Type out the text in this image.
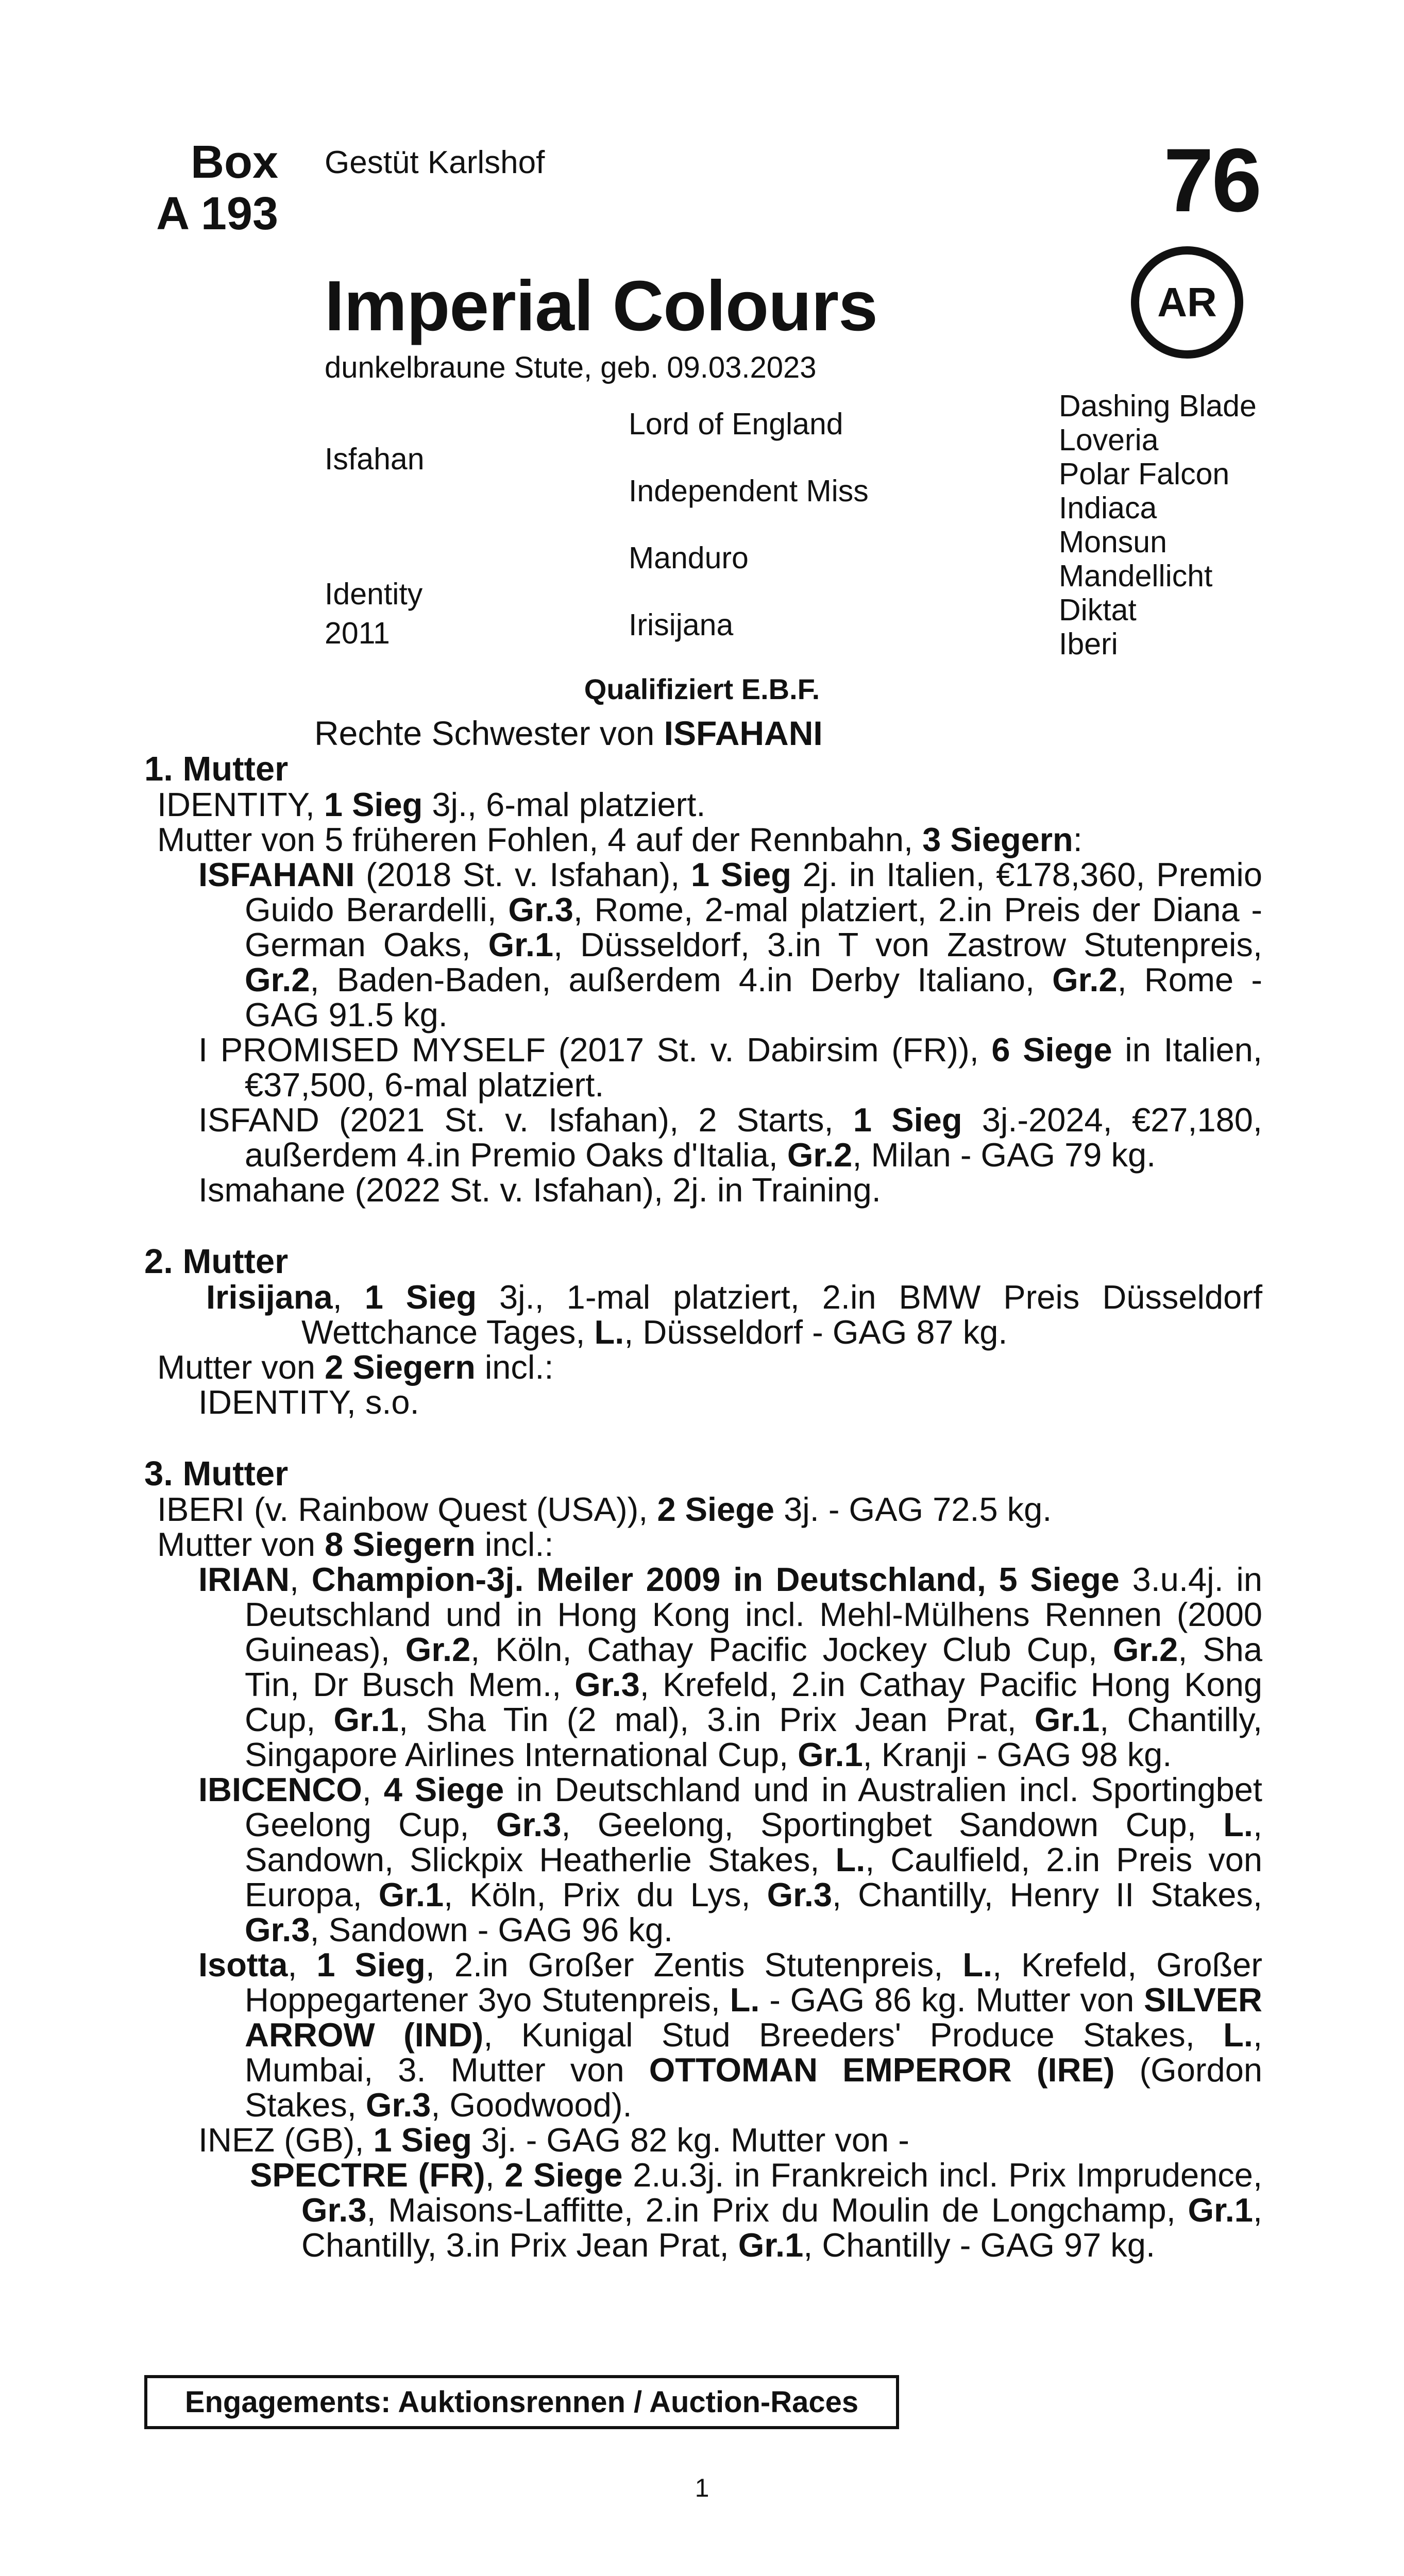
Box
A 193
Gestüt Karlshof	76
AR
Imperial Colours
dunkelbraune Stute, geb. 09.03.2023
Isfahan
Identity
2011
Lord of England
Independent Miss
Manduro
Irisijana
Dashing Blade
Loveria
Polar Falcon
Indiaca
Monsun
Mandellicht
Diktat
Iberi
Qualifiziert E.B.F.
Rechte Schwester von ISFAHANI
1. Mutter

IDENTITY, 1 Sieg 3j., 6-mal platziert.

Mutter von 5 früheren Fohlen, 4 auf der Rennbahn, 3 Siegern:

ISFAHANI (2018 St. v. Isfahan), 1 Sieg 2j. in Italien, €178,360, Premio Guido Berardelli, Gr.3, Rome, 2-mal platziert, 2.in Preis der Diana - German Oaks, Gr.1, Düsseldorf, 3.in T von Zastrow Stutenpreis, Gr.2, Baden-Baden, außerdem 4.in Derby Italiano, Gr.2, Rome - GAG 91.5 kg.

I PROMISED MYSELF (2017 St. v. Dabirsim (FR)), 6 Siege in Italien, €37,500, 6-mal platziert.

ISFAND (2021 St. v. Isfahan), 2 Starts, 1 Sieg 3j.-2024, €27,180, außerdem 4.in Premio Oaks d'Italia, Gr.2, Milan - GAG 79 kg.

Ismahane (2022 St. v. Isfahan), 2j. in Training.

2. Mutter

Irisijana, 1 Sieg 3j., 1-mal platziert, 2.in BMW Preis Düsseldorf Wettchance Tages, L., Düsseldorf - GAG 87 kg.

Mutter von 2 Siegern incl.:

IDENTITY, s.o.

3. Mutter

IBERI (v. Rainbow Quest (USA)), 2 Siege 3j. - GAG 72.5 kg.

Mutter von 8 Siegern incl.:

IRIAN, Champion-3j. Meiler 2009 in Deutschland, 5 Siege 3.u.4j. in Deutschland und in Hong Kong incl. Mehl-Mülhens Rennen (2000 Guineas), Gr.2, Köln, Cathay Pacific Jockey Club Cup, Gr.2, Sha Tin, Dr Busch Mem., Gr.3, Krefeld, 2.in Cathay Pacific Hong Kong Cup, Gr.1, Sha Tin (2 mal), 3.in Prix Jean Prat, Gr.1, Chantilly, Singapore Airlines International Cup, Gr.1, Kranji - GAG 98 kg.

IBICENCO, 4 Siege in Deutschland und in Australien incl. Sportingbet Geelong Cup, Gr.3, Geelong, Sportingbet Sandown Cup, L., Sandown, Slickpix Heatherlie Stakes, L., Caulfield, 2.in Preis von Europa, Gr.1, Köln, Prix du Lys, Gr.3, Chantilly, Henry II Stakes, Gr.3, Sandown - GAG 96 kg.

Isotta, 1 Sieg, 2.in Großer Zentis Stutenpreis, L., Krefeld, Großer Hoppegartener 3yo Stutenpreis, L. - GAG 86 kg. Mutter von SILVER ARROW (IND), Kunigal Stud Breeders' Produce Stakes, L., Mumbai, 3. Mutter von OTTOMAN EMPEROR (IRE) (Gordon Stakes, Gr.3, Goodwood).

INEZ (GB), 1 Sieg 3j. - GAG 82 kg. Mutter von -

SPECTRE (FR), 2 Siege 2.u.3j. in Frankreich incl. Prix Imprudence, Gr.3, Maisons-Laffitte, 2.in Prix du Moulin de Longchamp, Gr.1, Chantilly, 3.in Prix Jean Prat, Gr.1, Chantilly - GAG 97 kg.

Engagements: Auktionsrennen / Auction-Races
1
